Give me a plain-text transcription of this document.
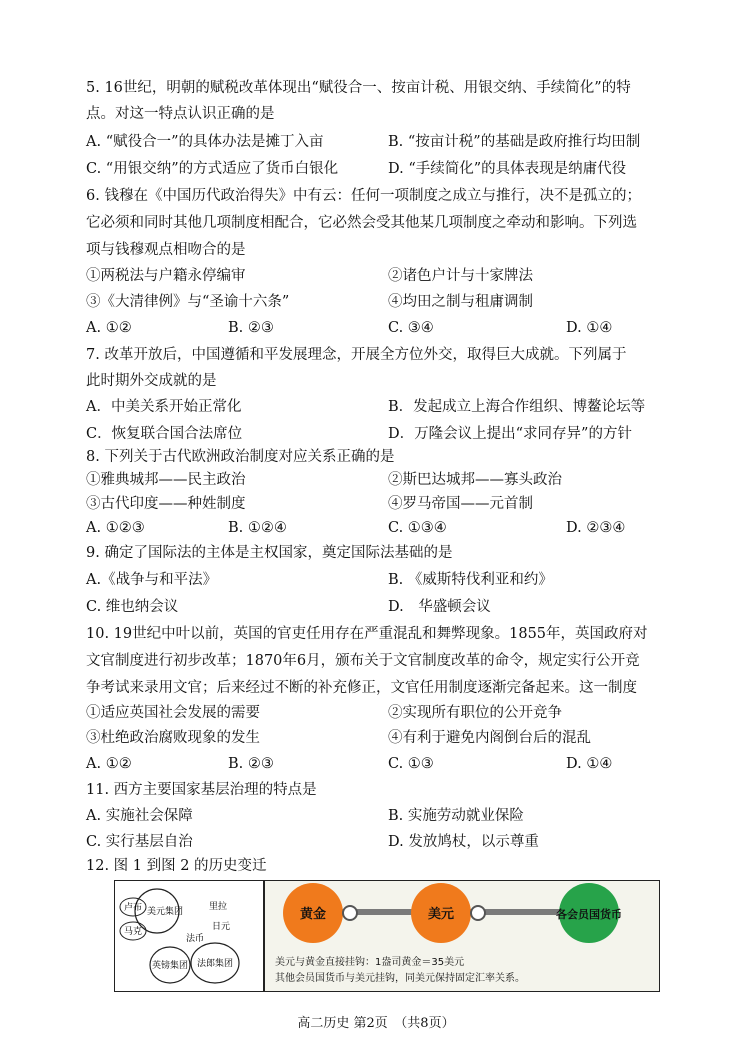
5. 16世纪，明朝的赋税改革体现出“赋役合一、按亩计税、用银交纳、手续简化”的特
点。对这一特点认识正确的是
A. “赋役合一”的具体办法是摊丁入亩	B. “按亩计税”的基础是政府推行均田制
C. “用银交纳”的方式适应了货币白银化	D. “手续简化”的具体表现是纳庸代役
6. 钱穆在《中国历代政治得失》中有云：任何一项制度之成立与推行，决不是孤立的；
它必须和同时其他几项制度相配合，它必然会受其他某几项制度之牵动和影响。下列选
项与钱穆观点相吻合的是
①两税法与户籍永停编审	②诸色户计与十家牌法
③《大清律例》与“圣谕十六条”	④均田之制与租庸调制
A. ①②	B. ②③	C. ③④	D. ①④
7. 改革开放后，中国遵循和平发展理念，开展全方位外交，取得巨大成就。下列属于
此时期外交成就的是
A．中美关系开始正常化	B．发起成立上海合作组织、博鳌论坛等
C．恢复联合国合法席位	D．万隆会议上提出“求同存异”的方针
8. 下列关于古代欧洲政治制度对应关系正确的是
①雅典城邦——民主政治	②斯巴达城邦——寡头政治
③古代印度——种姓制度	④罗马帝国——元首制
A. ①②③	B. ①②④	C. ①③④	D. ②③④
9. 确定了国际法的主体是主权国家，奠定国际法基础的是
A.《战争与和平法》	B. 《威斯特伐利亚和约》
C. 维也纳会议	D.　华盛顿会议
10. 19世纪中叶以前，英国的官吏任用存在严重混乱和舞弊现象。1855年，英国政府对
文官制度进行初步改革；1870年6月，颁布关于文官制度改革的命令，规定实行公开竞
争考试来录用文官；后来经过不断的补充修正，文官任用制度逐渐完备起来。这一制度
①适应英国社会发展的需要	②实现所有职位的公开竞争
③杜绝政治腐败现象的发生	④有利于避免内阁倒台后的混乱
A. ①②	B. ②③	C. ①③	D. ①④
11. 西方主要国家基层治理的特点是
A. 实施社会保障	B. 实施劳动就业保险
C. 实行基层自治	D. 发放鸠杖，以示尊重
12. 图 1 到图 2 的历史变迁
卢布 美元集团	里拉
日元
马克
法币
英镑集团 法郎集团
黄金	美元	各会员国货币
美元与黄金直接挂钩：1盎司黄金＝35美元
其他会员国货币与美元挂钩，同美元保持固定汇率关系。
高二历史 第2页　（共8页）
